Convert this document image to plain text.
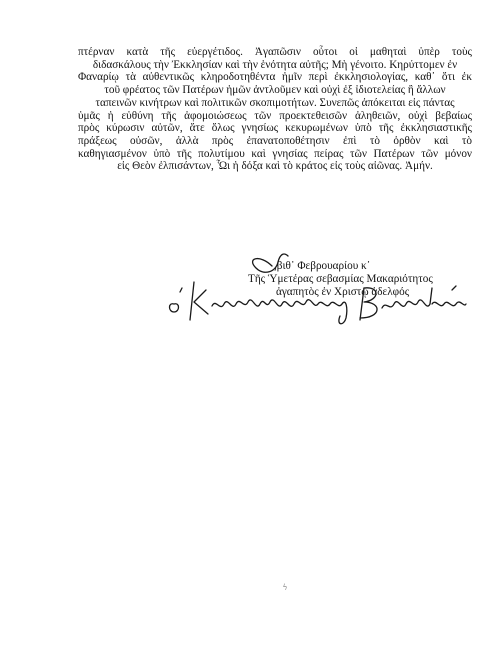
πτέρναν κατὰ τῆς εὐεργέτιδος. Ἀγαπῶσιν οὗτοι οἱ μαθηταὶ ὑπὲρ τοὺς
διδασκάλους τὴν Ἐκκλησίαν καὶ τὴν ἑνότητα αὐτῆς; Μὴ γένοιτο. Κηρύττομεν ἐν
Φαναρίῳ τὰ αὐθεντικῶς κληροδοτηθέντα ἡμῖν περὶ ἐκκλησιολογίας, καθ᾽ ὅτι ἐκ
τοῦ φρέατος τῶν Πατέρων ἡμῶν ἀντλοῦμεν καὶ οὐχὶ ἐξ ἰδιοτελείας ἢ ἄλλων
ταπεινῶν κινήτρων καὶ πολιτικῶν σκοπιμοτήτων. Συνεπῶς ἀπόκειται εἰς πάντας
ὑμᾶς ἡ εὐθύνη τῆς ἀφομοιώσεως τῶν προεκτεθεισῶν ἀληθειῶν, οὐχὶ βεβαίως
πρὸς κύρωσιν αὐτῶν, ἅτε ὅλως γνησίως κεκυρωμένων ὑπὸ τῆς ἐκκλησιαστικῆς
πράξεως οὐσῶν, ἀλλὰ πρὸς ἐπανατοποθέτησιν ἐπὶ τὸ ὀρθὸν καὶ τὸ
καθηγιασμένον ὑπὸ τῆς πολυτίμου καὶ γνησίας πείρας τῶν Πατέρων τῶν μόνον
εἰς Θεὸν ἐλπισάντων, Ὧι ἡ δόξα καὶ τὸ κράτος εἰς τοὺς αἰῶνας. Ἀμήν.
,βιθ᾽ Φεβρουαρίου κ᾽
Τῆς Ὑμετέρας σεβασμίας Μακαριότητος
ἀγαπητὸς ἐν Χριστῷ ἀδελφός
ϟ
